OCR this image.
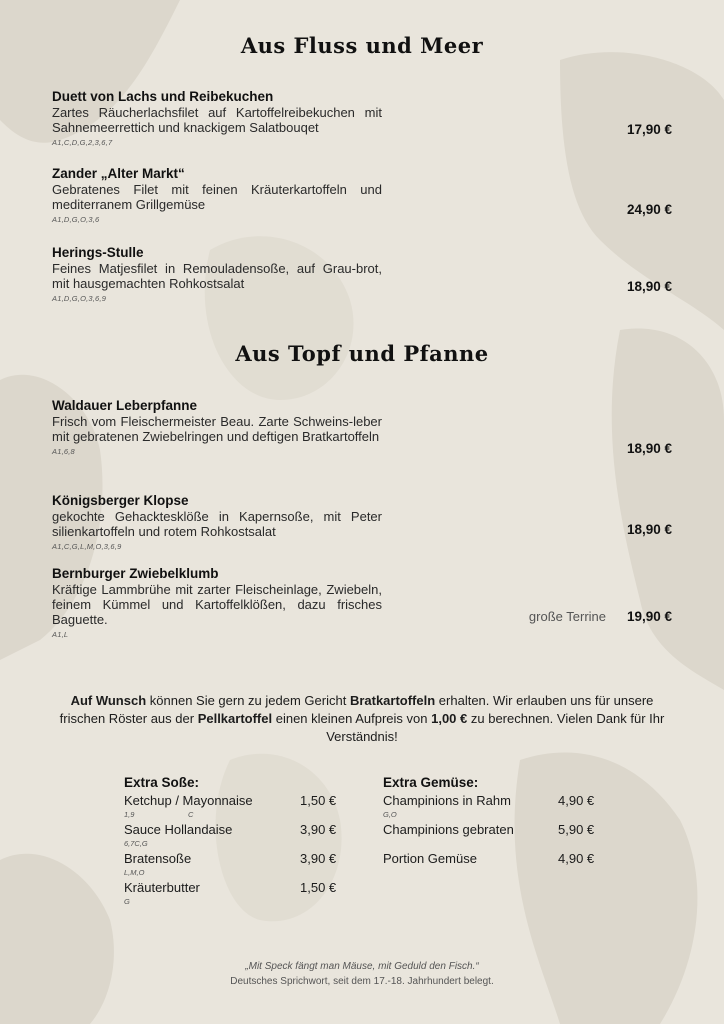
Aus Fluss und Meer
Duett von Lachs und Reibekuchen
Zartes Räucherlachsfilet auf Kartoffelreibekuchen mit Sahnemeerrettich und knackigem Salatbouqet
A1,C,D,G,2,3,6,7
17,90 €
Zander „Alter Markt“
Gebratenes Filet mit feinen Kräuterkartoffeln und mediterranem Grillgemüse
A1,D,G,O,3,6
24,90 €
Herings-Stulle
Feines Matjesfilet in Remouladensoße, auf Grau-brot, mit hausgemachten Rohkostsalat
A1,D,G,O,3,6,9
18,90 €
Aus Topf und Pfanne
Waldauer Leberpfanne
Frisch vom Fleischermeister Beau. Zarte Schweins-leber mit gebratenen Zwiebelringen und deftigen Bratkartoffeln
A1,6,8	18,90 €
Königsberger Klopse
gekochte Gehacktesklöße in Kapernsoße, mit Peter silienkartoffeln und rotem Rohkostsalat
A1,C,G,L,M,O,3,6,9
18,90 €
Bernburger Zwiebelklumb
Kräftige Lammbrühe mit zarter Fleischeinlage, Zwiebeln, feinem Kümmel und Kartoffelklößen, dazu frisches Baguette.
A1,L
große Terrine 19,90 €
Auf Wunsch können Sie gern zu jedem Gericht Bratkartoffeln erhalten. Wir erlauben uns für unsere frischen Röster aus der Pellkartoffel einen kleinen Aufpreis von 1,00 € zu berechnen. Vielen Dank für Ihr Verständnis!
Extra Soße:
Ketchup / Mayonnaise
1,9	C
1,50 €
Sauce Hollandaise
6,7C,G
3,90 €
Bratensoße
L,M,O
3,90 €
Kräuterbutter
G
1,50 €
Extra Gemüse:
Champinions in Rahm
G,O
4,90 €
Champinions gebraten	5,90 €
Portion Gemüse	4,90 €
„Mit Speck fängt man Mäuse, mit Geduld den Fisch.“
Deutsches Sprichwort, seit dem 17.-18. Jahrhundert belegt.
